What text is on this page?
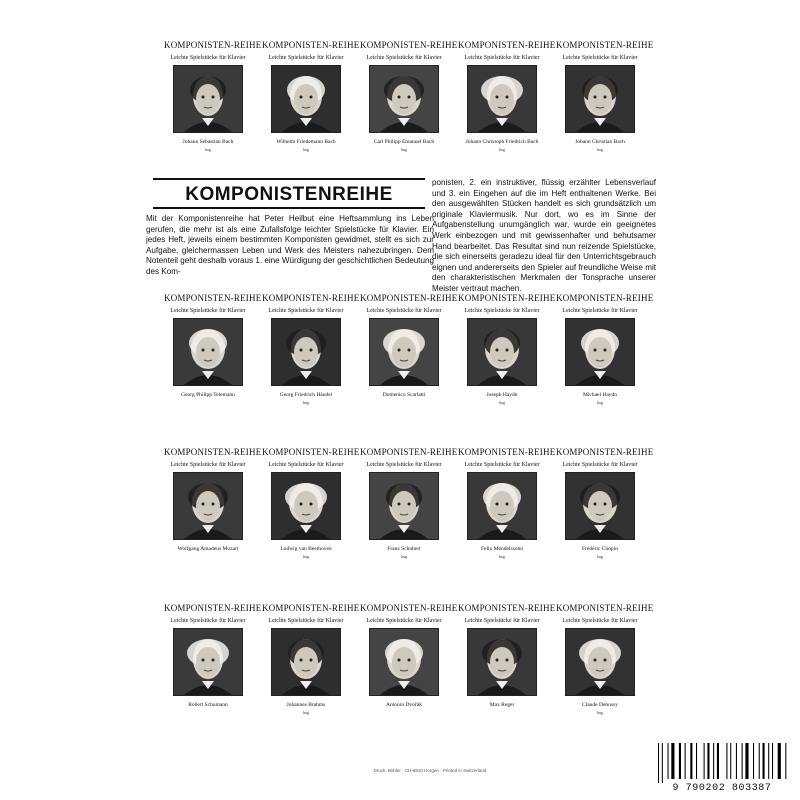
KOMPONISTEN-REIHE
Leichte Spielstücke für Klavier
Johann Sebastian Bach
hug
KOMPONISTEN-REIHE
Leichte Spielstücke für Klavier
Wilhelm Friedemann Bach
hug
KOMPONISTEN-REIHE
Leichte Spielstücke für Klavier
Carl Philipp Emanuel Bach
hug
KOMPONISTEN-REIHE
Leichte Spielstücke für Klavier
Johann Christoph Friedrich Bach
hug
KOMPONISTEN-REIHE
Leichte Spielstücke für Klavier
Johann Christian Bach
hug
KOMPONISTEN-REIHE
Leichte Spielstücke für Klavier
Georg Philipp Telemann
KOMPONISTEN-REIHE
Leichte Spielstücke für Klavier
Georg Friedrich Händel
hug
KOMPONISTEN-REIHE
Leichte Spielstücke für Klavier
Domenico Scarlatti
KOMPONISTEN-REIHE
Leichte Spielstücke für Klavier
Joseph Haydn
hug
KOMPONISTEN-REIHE
Leichte Spielstücke für Klavier
Michael Haydn
hug
KOMPONISTEN-REIHE
Leichte Spielstücke für Klavier
Wolfgang Amadeus Mozart
KOMPONISTEN-REIHE
Leichte Spielstücke für Klavier
Ludwig van Beethoven
hug
KOMPONISTEN-REIHE
Leichte Spielstücke für Klavier
Franz Schubert
hug
KOMPONISTEN-REIHE
Leichte Spielstücke für Klavier
Felix Mendelssohn
hug
KOMPONISTEN-REIHE
Leichte Spielstücke für Klavier
Frédéric Chopin
hug
KOMPONISTEN-REIHE
Leichte Spielstücke für Klavier
Robert Schumann
KOMPONISTEN-REIHE
Leichte Spielstücke für Klavier
Johannes Brahms
hug
KOMPONISTEN-REIHE
Leichte Spielstücke für Klavier
Antonin Dvořák
KOMPONISTEN-REIHE
Leichte Spielstücke für Klavier
Max Reger
KOMPONISTEN-REIHE
Leichte Spielstücke für Klavier
Claude Debussy
hug
KOMPONISTENREIHE

Mit der Komponistenreihe hat Peter Heilbut eine Heftsammlung ins Leben gerufen, die mehr ist als eine Zufallsfolge leichter Spielstücke für Klavier. Ein jedes Heft, jeweils einem bestimmten Komponisten gewidmet, stellt es sich zur Aufgabe, gleichermassen Leben und Werk des Meisters nahezubringen. Dem Notenteil geht deshalb voraus 1. eine Würdigung der geschichtlichen Bedeutung des Kom-

ponisten, 2. ein instruktiver, flüssig erzählter Lebensverlauf und 3. ein Eingehen auf die im Heft enthaltenen Werke. Bei den ausgewählten Stücken handelt es sich grundsätzlich um originale Klaviermusik. Nur dort, wo es im Sinne der Aufgabenstellung unumgänglich war, wurde ein geeignetes Werk einbezogen und mit gewissenhafter und behutsamer Hand bearbeitet. Das Resultat sind nun reizende Spielstücke, die sich einerseits geradezu ideal für den Unterrichtsgebrauch eignen und andererseits den Spieler auf freundliche Weise mit den charakteristischen Merkmalen der Tonsprache unserer Meister vertraut machen.

Druck: Bühler · CH-8810 Horgen · Printed in Switzerland
9 790202 803387
